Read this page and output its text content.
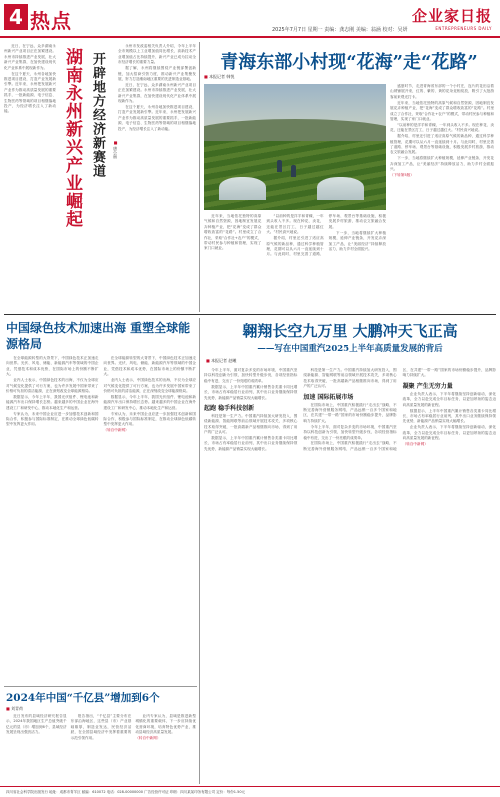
4 热点	2025年7月7日 星期一 责编：龚志刚 美编：翁涵 校对：吴妍
企业家日报
ENTREPRENEURS DAILY

近日，在宁远，众多湖南永州新兴产业项目正在加紧建设。永州市持续推进产业发展，壮大新兴产业集群，在加快建设现代化产业体系中展现新作为。

在这个夏天，永州各地加快推进项目建设，打造产业发展新引擎。近年来，永州把发展新兴产业作为推动高质量发展的重要抓手，一批新能源、电子信息、生物医药等领域的项目相继落地投产，为经济增长注入了新动能。	湖南永州新兴产业崛起 开辟地方经济新赛道	■ 唐小丽

永州市发改委相关负责人介绍，今年上半年全市规模以上工业增加值同比增长，高新技术产业增加值占比持续提升，新兴产业已成为拉动全市经济增长的重要力量。

据了解，永州将继续围绕产业链部署创新链，加大招商引资力度，推动新兴产业集聚发展，努力打造湘南地区重要的先进制造业基地。

近日，在宁远，众多湖南永州新兴产业项目正在加紧建设。永州市持续推进产业发展，壮大新兴产业集群，在加快建设现代化产业体系中展现新作为。

在这个夏天，永州各地加快推进项目建设，打造产业发展新引擎。近年来，永州把发展新兴产业作为推动高质量发展的重要抓手，一批新能源、电子信息、生物医药等领域的项目相继落地投产，为经济增长注入了新动能。

青海东部小村现“花海”走“花路”
■ 本报记者 韩悦

盛夏时节，走进青海省东部的一个小村庄，连片的花田沿着山坡铺展开来，红的、紫的、黄的花朵竞相绽放，吸引了大批游客前来观光打卡。

近年来，当地依托独特的高原气候和自然资源，因地制宜发展花卉种植产业，把“花海”变成了群众增收致富的“花路”。村里成立了合作社，采取“合作社+农户”的模式，带动村民参与种植和管理，实现了家门口就业。

“以前种的是洋芋和青稞，一年到头收入不多。现在种花、卖花，还能在景区打工，日子越过越红火。”村民高兴地说。

据介绍，村里还引进了适应高原气候的新品种，通过科学种植管理，花期可以从六月一直延续到十月。与此同时，村里完善了道路、停车场、观景台等基础设施，积极发展乡村旅游，推动农文旅融合发展。

下一步，当地将继续扩大种植规模，延伸产业链条，开发花卉深加工产品，让“美丽经济”持续释放活力，助力乡村全面振兴。

（下转第5版）

近年来，当地依托独特的高原气候和自然资源，因地制宜发展花卉种植产业，把“花海”变成了群众增收致富的“花路”。村里成立了合作社，采取“合作社+农户”的模式，带动村民参与种植和管理，实现了家门口就业。

“以前种的是洋芋和青稞，一年到头收入不多。现在种花、卖花，还能在景区打工，日子越过越红火。”村民高兴地说。

据介绍，村里还引进了适应高原气候的新品种，通过科学种植管理，花期可以从六月一直延续到十月。与此同时，村里完善了道路、停车场、观景台等基础设施，积极发展乡村旅游，推动农文旅融合发展。

下一步，当地将继续扩大种植规模，延伸产业链条，开发花卉深加工产品，让“美丽经济”持续释放活力，助力乡村全面振兴。

中国绿色技术加速出海 重塑全球能源格局

在全球能源转型的大背景下，中国绿色技术正加速走向世界。光伏、风电、储能、新能源汽车等领域的中国企业，凭借技术和成本优势，在国际市场上的份额不断扩大。

业内人士表示，中国绿色技术的出海，不仅为全球应对气候变化提供了可行方案，也为许多发展中国家带来了价格可负担的清洁能源，正在深刻改变全球能源格局。

数据显示，今年上半年，我国光伏组件、锂电池和新能源汽车出口保持增长态势。越来越多的中国企业在海外建设工厂和研发中心，推动本地化生产和运营。

专家认为，未来中国企业应进一步加强技术创新和国际合作，积极参与国际标准制定，在推动全球绿色低碳转型中发挥更大作用。

在全球能源转型的大背景下，中国绿色技术正加速走向世界。光伏、风电、储能、新能源汽车等领域的中国企业，凭借技术和成本优势，在国际市场上的份额不断扩大。

业内人士表示，中国绿色技术的出海，不仅为全球应对气候变化提供了可行方案，也为许多发展中国家带来了价格可负担的清洁能源，正在深刻改变全球能源格局。

数据显示，今年上半年，我国光伏组件、锂电池和新能源汽车出口保持增长态势。越来越多的中国企业在海外建设工厂和研发中心，推动本地化生产和运营。

专家认为，未来中国企业应进一步加强技术创新和国际合作，积极参与国际标准制定，在推动全球绿色低碳转型中发挥更大作用。

（转自中新网）
翱翔长空九万里 大鹏冲天飞正高
——写在中国重汽2025上半年高质量发展的背后
■ 本报记者 赵曦

今年上半年，面对复杂多变的市场环境，中国重汽坚持以科技创新为引领，加快转型升级步伐，各项经营指标稳中有进，交出了一份亮眼的成绩单。

数据显示，上半年中国重汽累计销售各类重卡同比增长，市场占有率稳居行业前列，其中出口业务继续保持领先优势，新能源产品销量实现大幅增长。

起跑 稳手科技创新

科技是第一生产力。中国重汽持续加大研发投入，围绕新能源、智能网联等前沿领域开展技术攻关，多项核心技术取得突破，一批高端新产品相继推向市场，得到了用户的广泛认可。

数据显示，上半年中国重汽累计销售各类重卡同比增长，市场占有率稳居行业前列，其中出口业务继续保持领先优势，新能源产品销量实现大幅增长。

科技是第一生产力。中国重汽持续加大研发投入，围绕新能源、智能网联等前沿领域开展技术攻关，多项核心技术取得突破，一批高端新产品相继推向市场，得到了用户的广泛认可。

加速 国际拓展市场

在国际市场上，中国重汽积极践行“走出去”战略，不断完善海外营销服务网络，产品远销一百多个国家和地区，在共建“一带一路”国家的市场份额稳步提升，品牌影响力持续扩大。

今年上半年，面对复杂多变的市场环境，中国重汽坚持以科技创新为引领，加快转型升级步伐，各项经营指标稳中有进，交出了一份亮眼的成绩单。

在国际市场上，中国重汽积极践行“走出去”战略，不断完善海外营销服务网络，产品远销一百多个国家和地区，在共建“一带一路”国家的市场份额稳步提升，品牌影响力持续扩大。

凝聚 产生无穷力量

企业负责人表示，下半年将继续坚持创新驱动，深化改革，全力以赴完成全年目标任务，以更加昂扬的姿态迈向高质量发展的新征程。

数据显示，上半年中国重汽累计销售各类重卡同比增长，市场占有率稳居行业前列，其中出口业务继续保持领先优势，新能源产品销量实现大幅增长。

企业负责人表示，下半年将继续坚持创新驱动，深化改革，全力以赴完成全年目标任务，以更加昂扬的姿态迈向高质量发展的新征程。

（转自中新网）
2024年中国“千亿县”增加到6个
■ 刘青荷

近日发布的县域经济研究报告显示，2024年我国地区生产总值突破千亿元的县（市）增加到6个，县域经济发展呈现出强劲活力。

报告指出，“千亿县”主要分布在东部沿海地区，这些县（市）产业基础雄厚，制造业发达，民营经济活跃，在全国县域经济中发挥着重要的示范引领作用。

业内专家认为，县域是推进新型城镇化的重要载体，下一步应持续优化营商环境，培育特色优势产业，推动县域经济高质量发展。

（转自中新网）
四川省社会科学院出版发行 地址：成都市青羊区 邮编：610072 电话：028-00000000 广告经营许可证 印刷：四川某某印务有限公司 定价：每份1.50元
